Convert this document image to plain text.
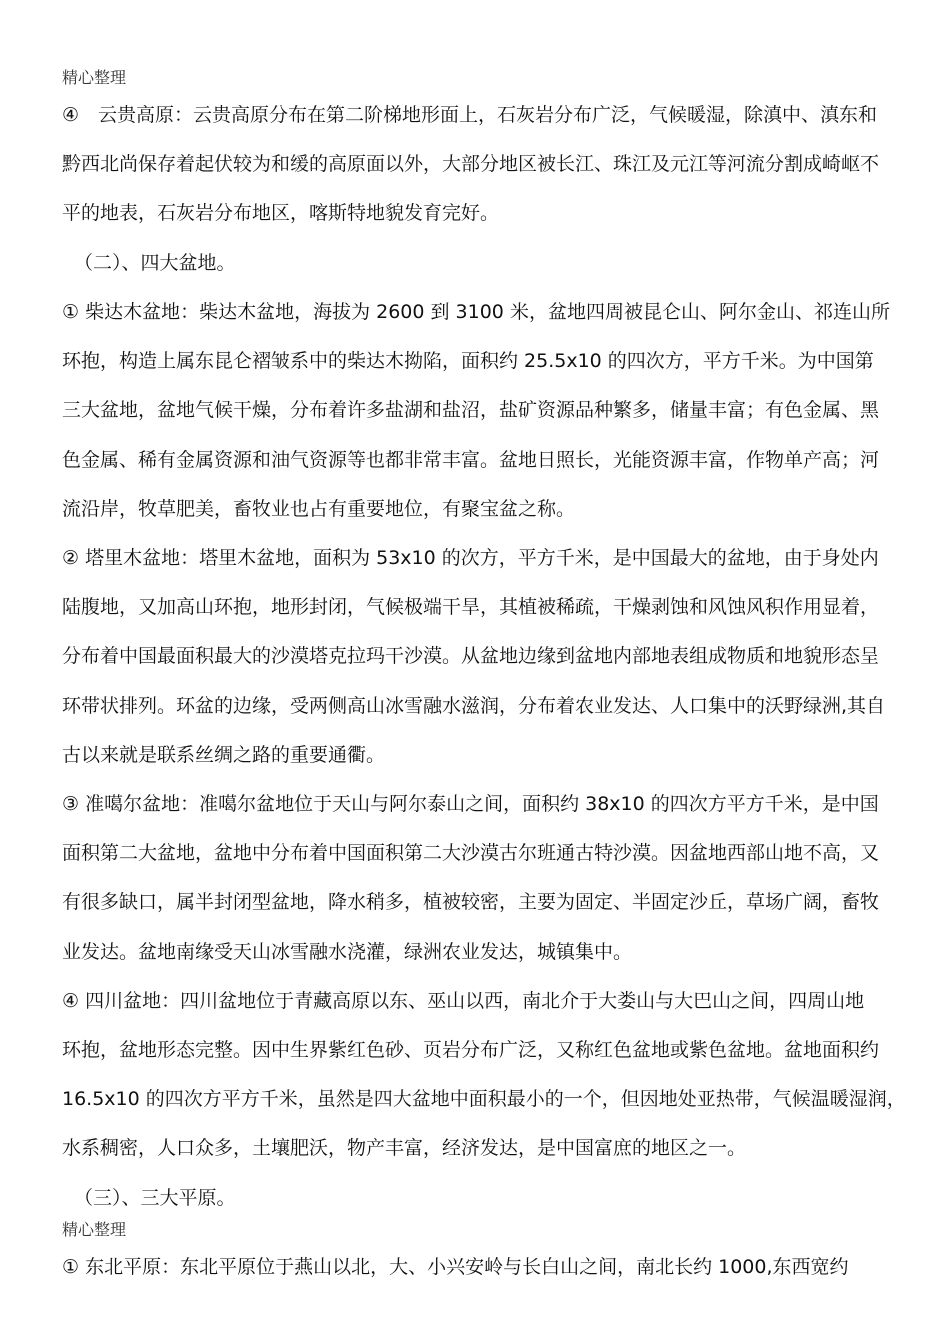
精心整理
④　云贵高原：云贵高原分布在第二阶梯地形面上，石灰岩分布广泛，气候暖湿，除滇中、滇东和
黔西北尚保存着起伏较为和缓的高原面以外，大部分地区被长江、珠江及元江等河流分割成崎岖不
平的地表，石灰岩分布地区，喀斯特地貌发育完好。
（二）、四大盆地。
① 柴达木盆地：柴达木盆地，海拔为 2600 到 3100 米，盆地四周被昆仑山、阿尔金山、祁连山所
环抱，构造上属东昆仑褶皱系中的柴达木拗陷，面积约 25.5x10 的四次方，平方千米。为中国第
三大盆地，盆地气候干燥，分布着许多盐湖和盐沼，盐矿资源品种繁多，储量丰富；有色金属、黑
色金属、稀有金属资源和油气资源等也都非常丰富。盆地日照长，光能资源丰富，作物单产高；河
流沿岸，牧草肥美，畜牧业也占有重要地位，有聚宝盆之称。
② 塔里木盆地：塔里木盆地，面积为 53x10 的次方，平方千米，是中国最大的盆地，由于身处内
陆腹地，又加高山环抱，地形封闭，气候极端干旱，其植被稀疏，干燥剥蚀和风蚀风积作用显着，
分布着中国最面积最大的沙漠塔克拉玛干沙漠。从盆地边缘到盆地内部地表组成物质和地貌形态呈
环带状排列。环盆的边缘，受两侧高山冰雪融水滋润，分布着农业发达、人口集中的沃野绿洲,其自
古以来就是联系丝绸之路的重要通衢。
③ 准噶尔盆地：准噶尔盆地位于天山与阿尔泰山之间，面积约 38x10 的四次方平方千米，是中国
面积第二大盆地，盆地中分布着中国面积第二大沙漠古尔班通古特沙漠。因盆地西部山地不高，又
有很多缺口，属半封闭型盆地，降水稍多，植被较密，主要为固定、半固定沙丘，草场广阔，畜牧
业发达。盆地南缘受天山冰雪融水浇灌，绿洲农业发达，城镇集中。
④ 四川盆地：四川盆地位于青藏高原以东、巫山以西，南北介于大娄山与大巴山之间，四周山地
环抱，盆地形态完整。因中生界紫红色砂、页岩分布广泛，又称红色盆地或紫色盆地。盆地面积约
16.5x10 的四次方平方千米，虽然是四大盆地中面积最小的一个，但因地处亚热带，气候温暖湿润，
水系稠密，人口众多，土壤肥沃，物产丰富，经济发达，是中国富庶的地区之一。
（三）、三大平原。
精心整理
① 东北平原：东北平原位于燕山以北，大、小兴安岭与长白山之间，南北长约 1000,东西宽约
